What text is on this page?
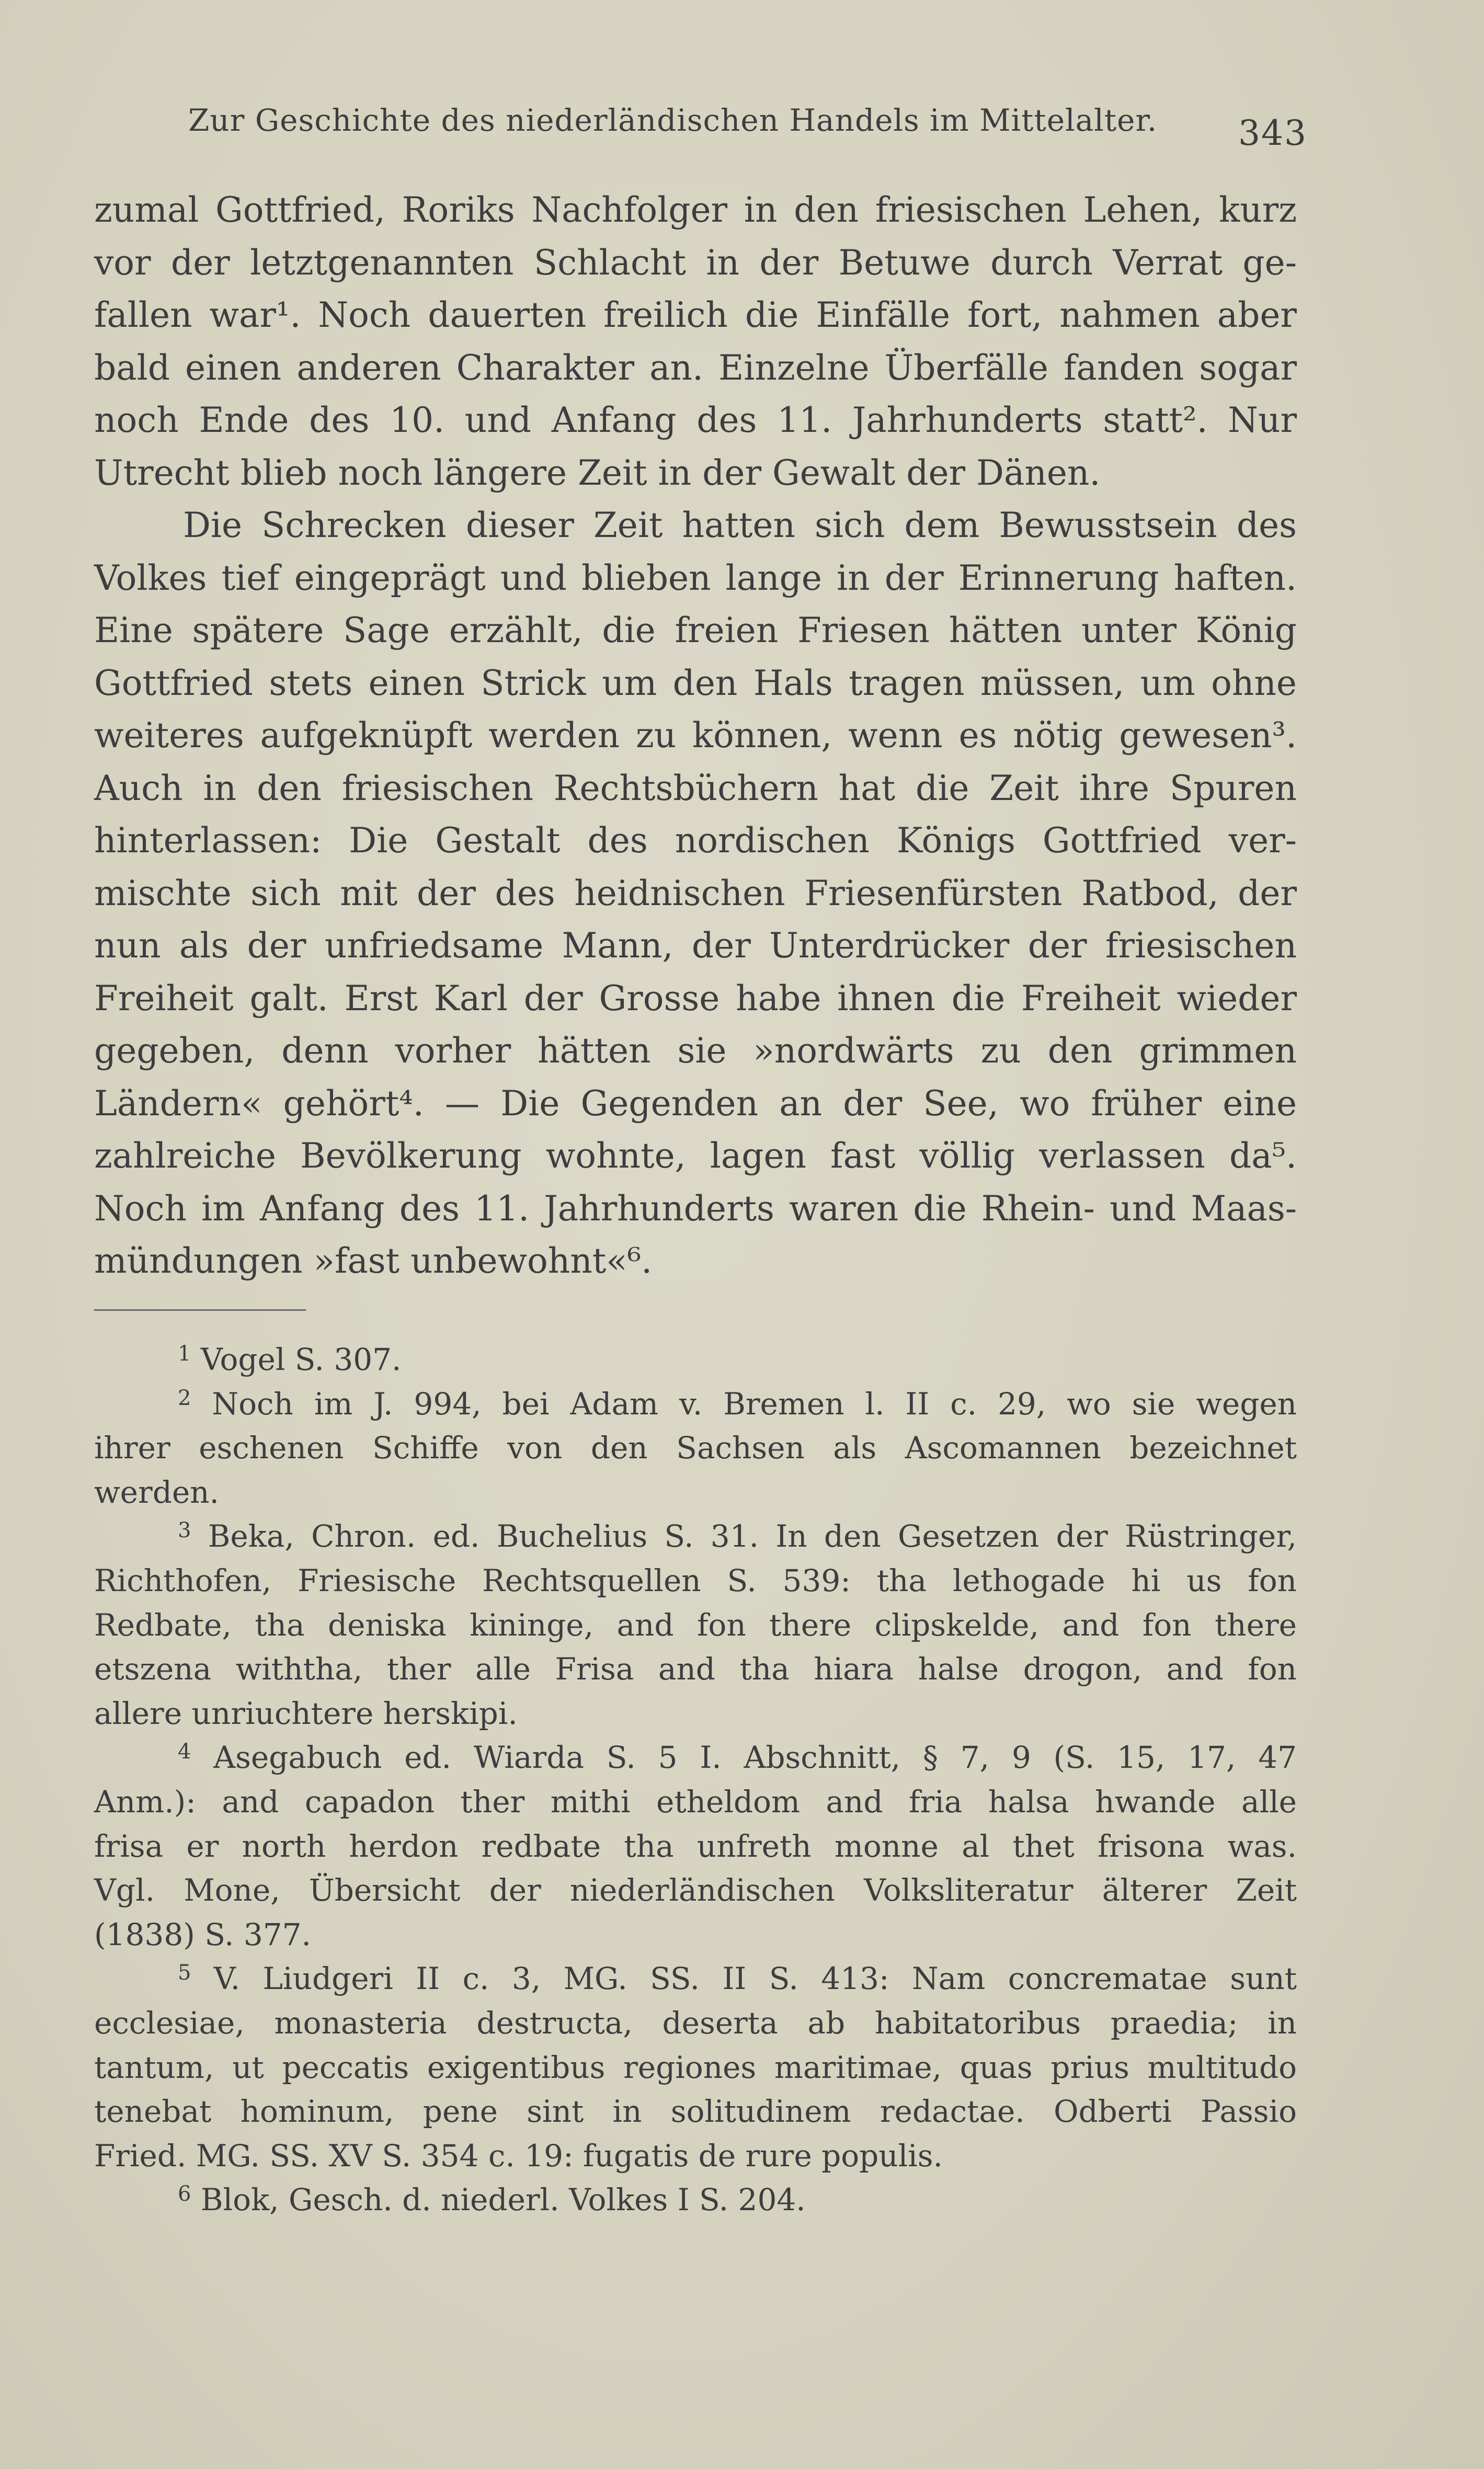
Zur Geschichte des niederländischen Handels im Mittelalter. 343
zumal Gottfried, Roriks Nachfolger in den friesischen Lehen, kurz
vor der letztgenannten Schlacht in der Betuwe durch Verrat ge-
fallen war¹. Noch dauerten freilich die Einfälle fort, nahmen aber
bald einen anderen Charakter an. Einzelne Überfälle fanden sogar
noch Ende des 10. und Anfang des 11. Jahrhunderts statt². Nur
Utrecht blieb noch längere Zeit in der Gewalt der Dänen.
Die Schrecken dieser Zeit hatten sich dem Bewusstsein des
Volkes tief eingeprägt und blieben lange in der Erinnerung haften.
Eine spätere Sage erzählt, die freien Friesen hätten unter König
Gottfried stets einen Strick um den Hals tragen müssen, um ohne
weiteres aufgeknüpft werden zu können, wenn es nötig gewesen³.
Auch in den friesischen Rechtsbüchern hat die Zeit ihre Spuren
hinterlassen: Die Gestalt des nordischen Königs Gottfried ver-
mischte sich mit der des heidnischen Friesenfürsten Ratbod, der
nun als der unfriedsame Mann, der Unterdrücker der friesischen
Freiheit galt. Erst Karl der Grosse habe ihnen die Freiheit wieder
gegeben, denn vorher hätten sie »nordwärts zu den grimmen
Ländern« gehört⁴. — Die Gegenden an der See, wo früher eine
zahlreiche Bevölkerung wohnte, lagen fast völlig verlassen da⁵.
Noch im Anfang des 11. Jahrhunderts waren die Rhein- und Maas-
mündungen »fast unbewohnt«⁶.
$^1$ Vogel S. 307.
$^2$ Noch im J. 994, bei Adam v. Bremen l. II c. 29, wo sie wegen
ihrer eschenen Schiffe von den Sachsen als Ascomannen bezeichnet
werden.
$^3$ Beka, Chron. ed. Buchelius S. 31. In den Gesetzen der Rüstringer,
Richthofen, Friesische Rechtsquellen S. 539: tha lethogade hi us fon
Redbate, tha deniska kininge, and fon there clipskelde, and fon there
etszena withtha, ther alle Frisa and tha hiara halse drogon, and fon
allere unriuchtere herskipi.
$^4$ Asegabuch ed. Wiarda S. 5 I. Abschnitt, § 7, 9 (S. 15, 17, 47
Anm.): and capadon ther mithi etheldom and fria halsa hwande alle
frisa er north herdon redbate tha unfreth monne al thet frisona was.
Vgl. Mone, Übersicht der niederländischen Volksliteratur älterer Zeit
(1838) S. 377.
$^5$ V. Liudgeri II c. 3, MG. SS. II S. 413: Nam concrematae sunt
ecclesiae, monasteria destructa, deserta ab habitatoribus praedia; in
tantum, ut peccatis exigentibus regiones maritimae, quas prius multitudo
tenebat hominum, pene sint in solitudinem redactae. Odberti Passio
Fried. MG. SS. XV S. 354 c. 19: fugatis de rure populis.
$^6$ Blok, Gesch. d. niederl. Volkes I S. 204.
